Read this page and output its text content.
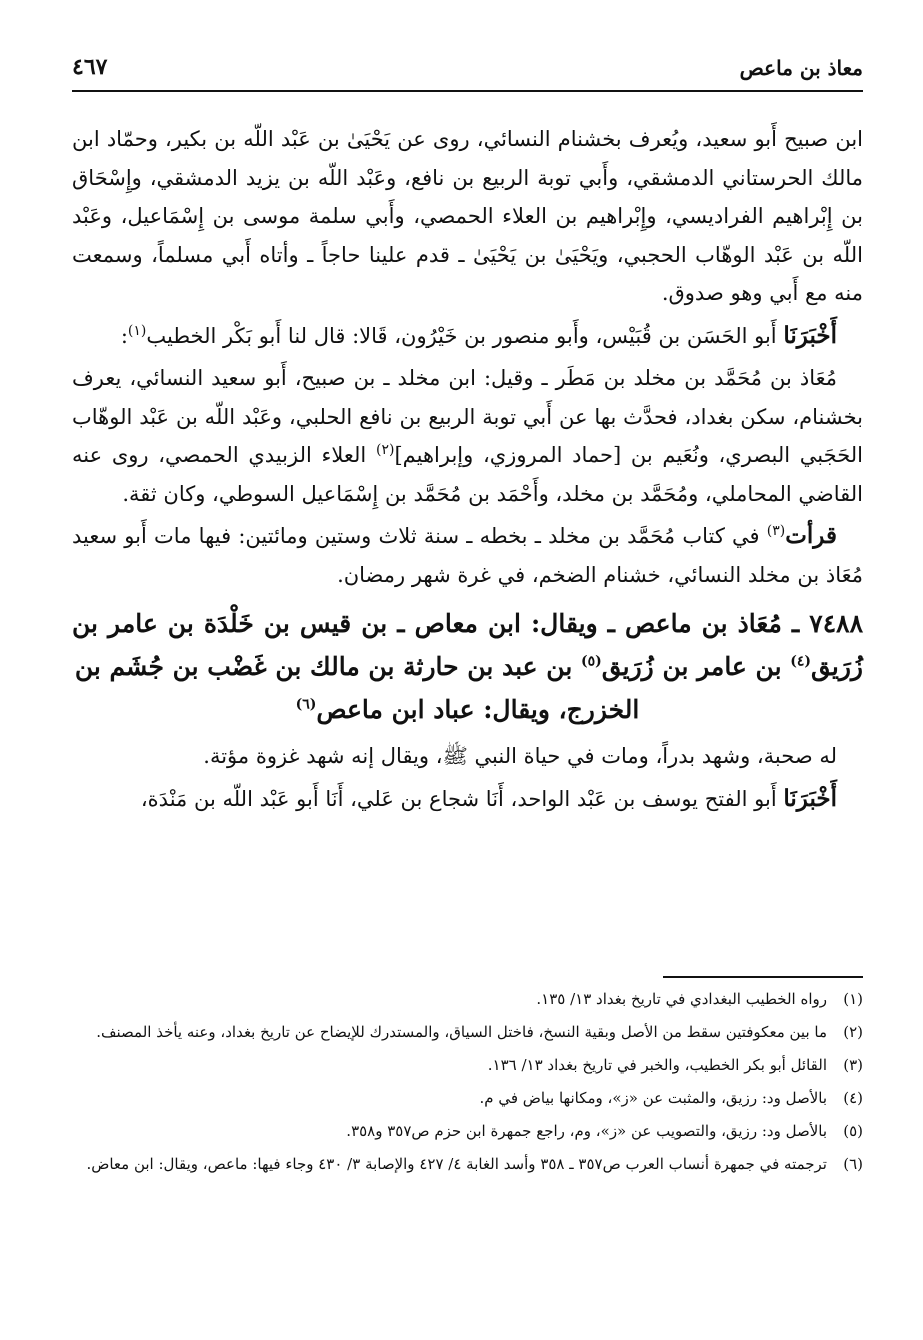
معاذ بن ماعص
٤٦٧

ابن صبيح أَبو سعيد، ويُعرف بخشنام النسائي، روى عن يَحْيَىٰ بن عَبْد اللّه بن بكير، وحمّاد ابن مالك الحرستاني الدمشقي، وأَبي توبة الربيع بن نافع، وعَبْد اللّه بن يزيد الدمشقي، وإِسْحَاق بن إِبْراهيم الفراديسي، وإِبْراهيم بن العلاء الحمصي، وأَبي سلمة موسى بن إِسْمَاعيل، وعَبْد اللّه بن عَبْد الوهّاب الحجبي، ويَحْيَىٰ بن يَحْيَىٰ ـ قدم علينا حاجاً ـ وأتاه أَبي مسلماً، وسمعت منه مع أَبي وهو صدوق.

أَخْبَرَنَا أَبو الحَسَن بن قُبَيْس، وأَبو منصور بن خَيْرُون، قَالا: قال لنا أَبو بَكْر الخطيب$^{(١)}$:

مُعَاذ بن مُحَمَّد بن مخلد بن مَطَر ـ وقيل: ابن مخلد ـ بن صبيح، أَبو سعيد النسائي، يعرف بخشنام، سكن بغداد، فحدَّث بها عن أَبي توبة الربيع بن نافع الحلبي، وعَبْد اللّه بن عَبْد الوهّاب الحَجَبي البصري، ونُعَيم بن [حماد المروزي، وإبراهيم]$^{(٢)}$ العلاء الزبيدي الحمصي، روى عنه القاضي المحاملي، ومُحَمَّد بن مخلد، وأَحْمَد بن مُحَمَّد بن إِسْمَاعيل السوطي، وكان ثقة.

قرأت$^{(٣)}$ في كتاب مُحَمَّد بن مخلد ـ بخطه ـ سنة ثلاث وستين ومائتين: فيها مات أَبو سعيد مُعَاذ بن مخلد النسائي، خشنام الضخم، في غرة شهر رمضان.

٧٤٨٨ ـ مُعَاذ بن ماعص ـ ويقال: ابن معاص ـ بن قيس بن خَلْدَة بن عامر بن زُرَيق$^{(٤)}$ بن عامر بن زُرَيق$^{(٥)}$ بن عبد بن حارثة بن مالك بن غَضْب بن جُشَم بن
الخزرج، ويقال: عباد ابن ماعص$^{(٦)}$

له صحبة، وشهد بدراً، ومات في حياة النبي ﷺ، ويقال إنه شهد غزوة مؤتة.

أَخْبَرَنَا أَبو الفتح يوسف بن عَبْد الواحد، أَنَا شجاع بن عَلي، أَنَا أَبو عَبْد اللّه بن مَنْدَة،

(١)
رواه الخطيب البغدادي في تاريخ بغداد ١٣/ ١٣٥.
(٢)
ما بين معكوفتين سقط من الأصل وبقية النسخ، فاختل السياق، والمستدرك للإيضاح عن تاريخ بغداد، وعنه يأخذ المصنف.
(٣)
القائل أبو بكر الخطيب، والخبر في تاريخ بغداد ١٣/ ١٣٦.
(٤)
بالأصل ود: رزيق، والمثبت عن «ز»، ومكانها بياض في م.
(٥)
بالأصل ود: رزيق، والتصويب عن «ز»، وم، راجع جمهرة ابن حزم ص٣٥٧ و٣٥٨.
(٦)
ترجمته في جمهرة أنساب العرب ص٣٥٧ ـ ٣٥٨ وأسد الغابة ٤/ ٤٢٧ والإصابة ٣/ ٤٣٠ وجاء فيها: ماعص، ويقال: ابن معاض.
